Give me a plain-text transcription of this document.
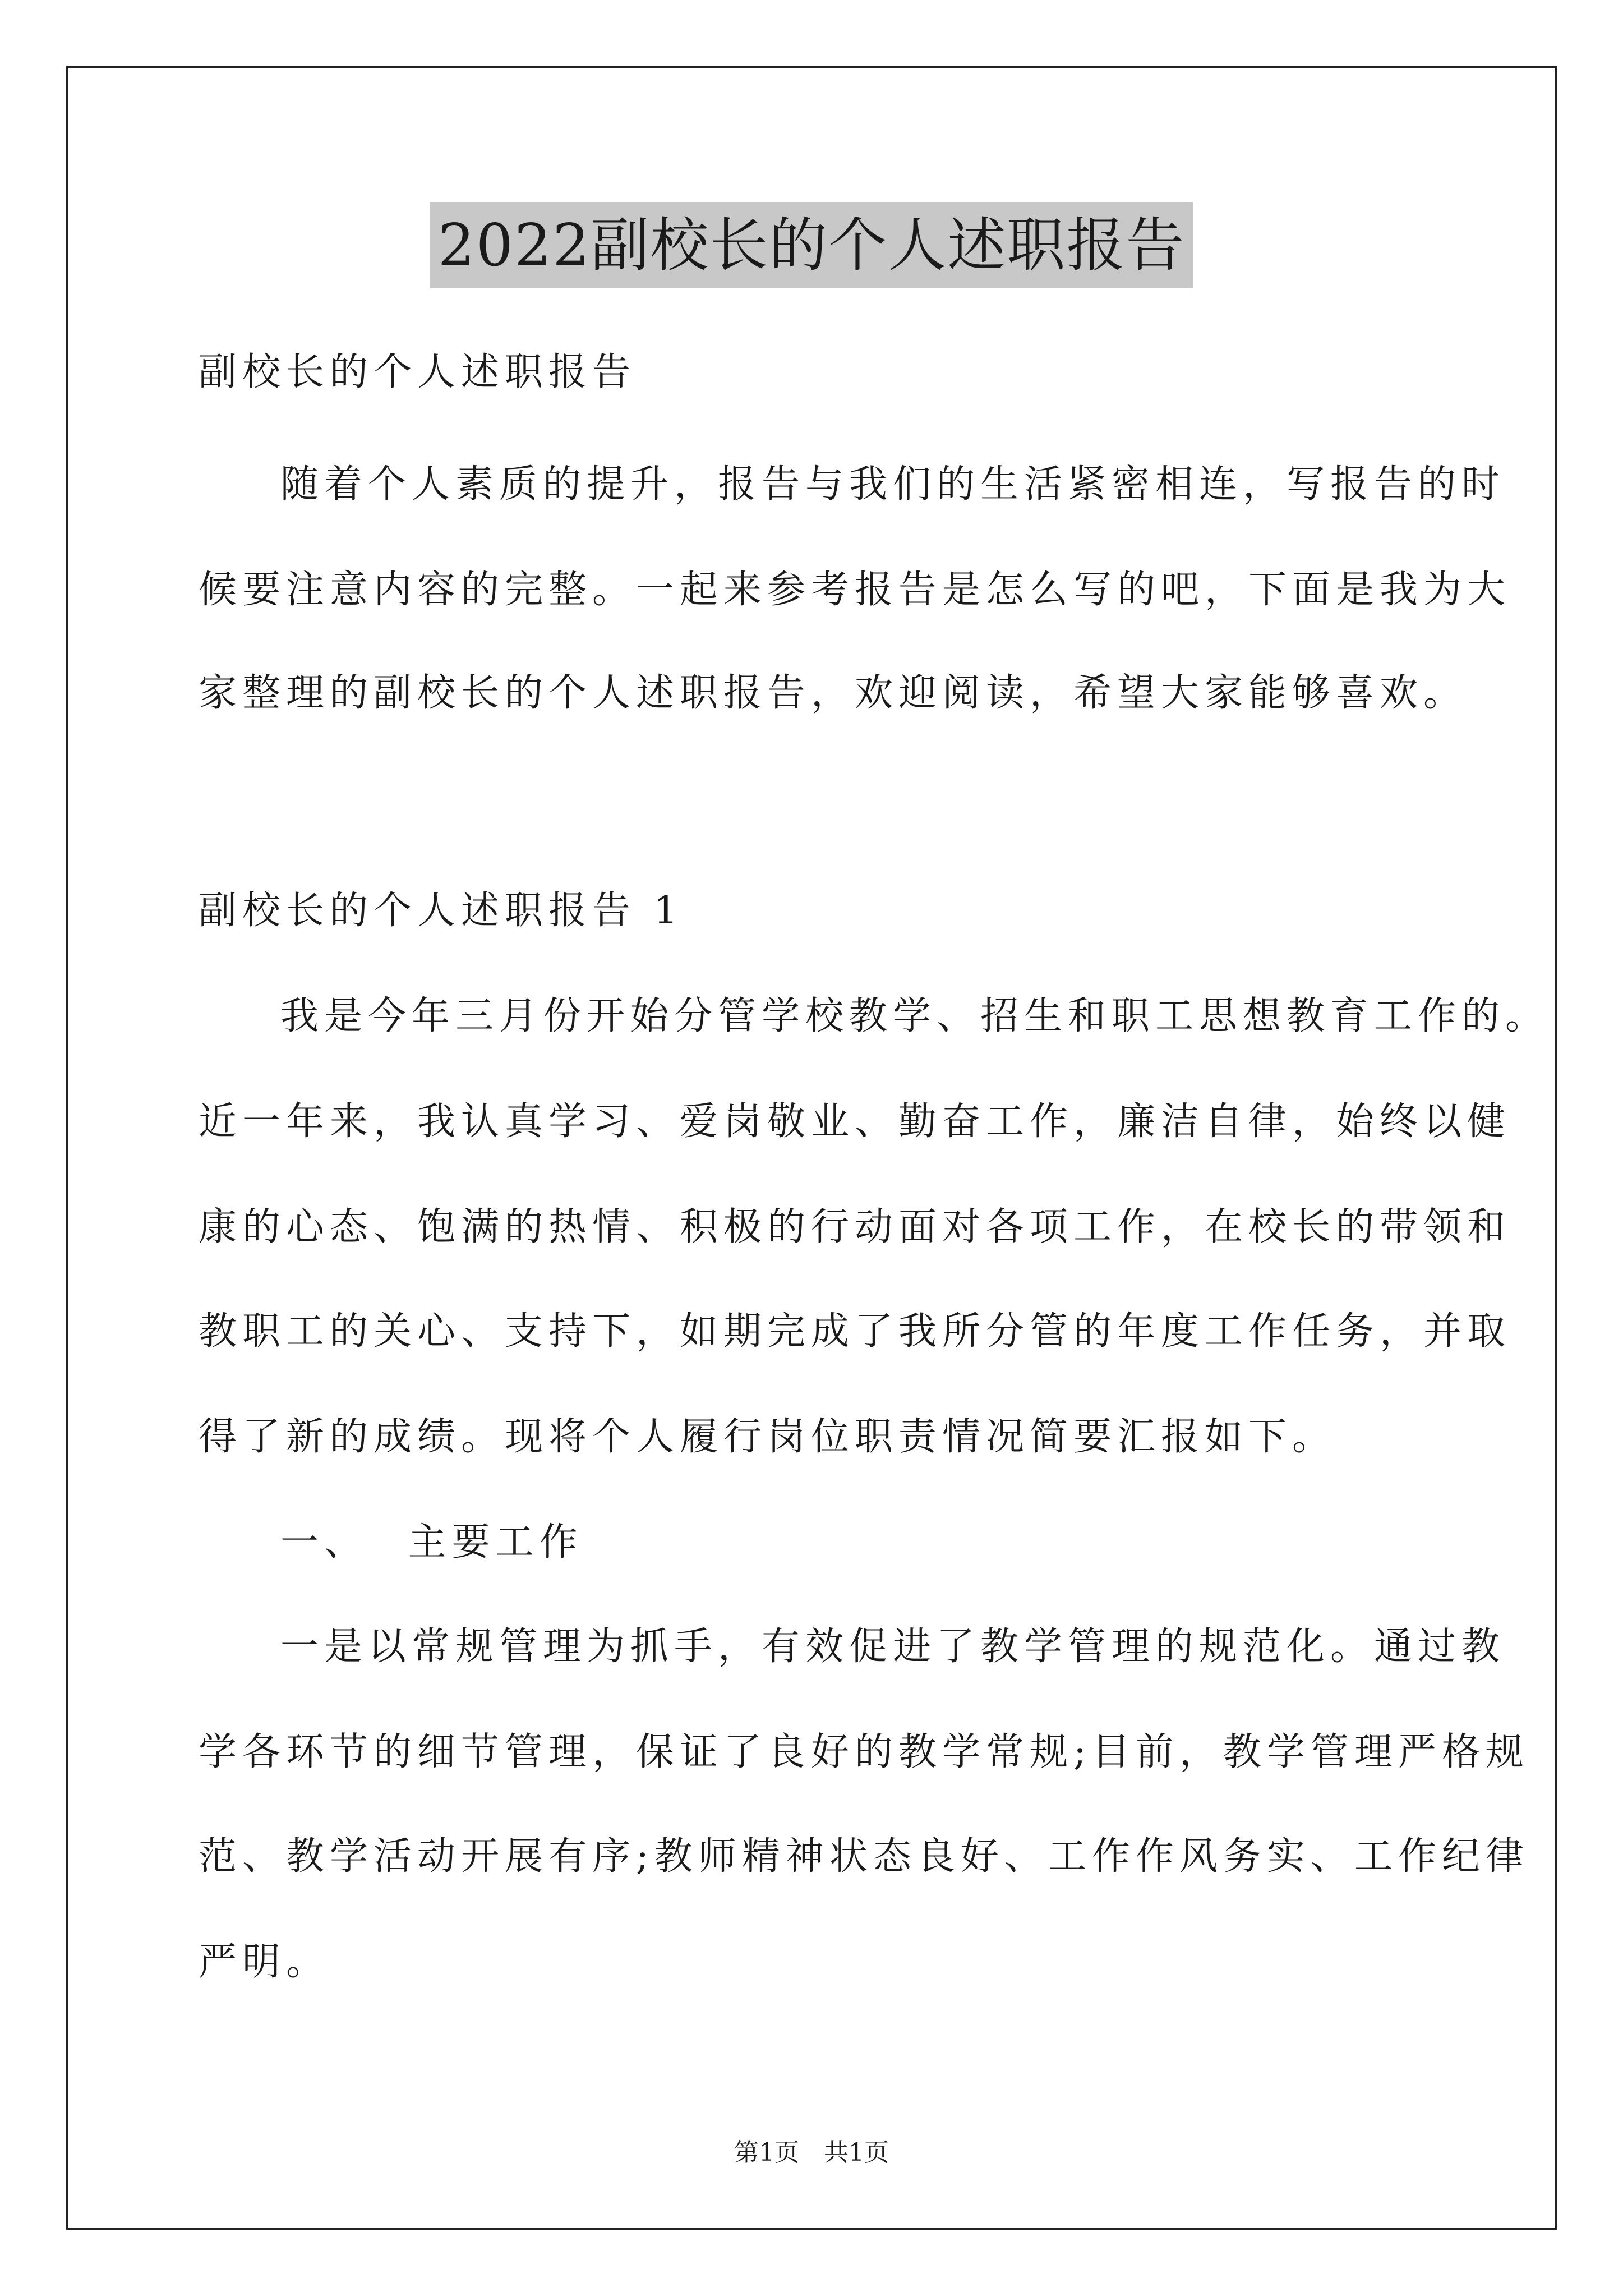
2022副校长的个人述职报告
副校长的个人述职报告
随着个人素质的提升，报告与我们的生活紧密相连，写报告的时
候要注意内容的完整。一起来参考报告是怎么写的吧，下面是我为大
家整理的副校长的个人述职报告，欢迎阅读，希望大家能够喜欢。
副校长的个人述职报告 1
我是今年三月份开始分管学校教学、招生和职工思想教育工作的。
近一年来，我认真学习、爱岗敬业、勤奋工作，廉洁自律，始终以健
康的心态、饱满的热情、积极的行动面对各项工作，在校长的带领和
教职工的关心、支持下，如期完成了我所分管的年度工作任务，并取
得了新的成绩。现将个人履行岗位职责情况简要汇报如下。
一、 主要工作
一是以常规管理为抓手，有效促进了教学管理的规范化。通过教
学各环节的细节管理，保证了良好的教学常规;目前，教学管理严格规
范、教学活动开展有序;教师精神状态良好、工作作风务实、工作纪律
严明。
第1页 共1页
